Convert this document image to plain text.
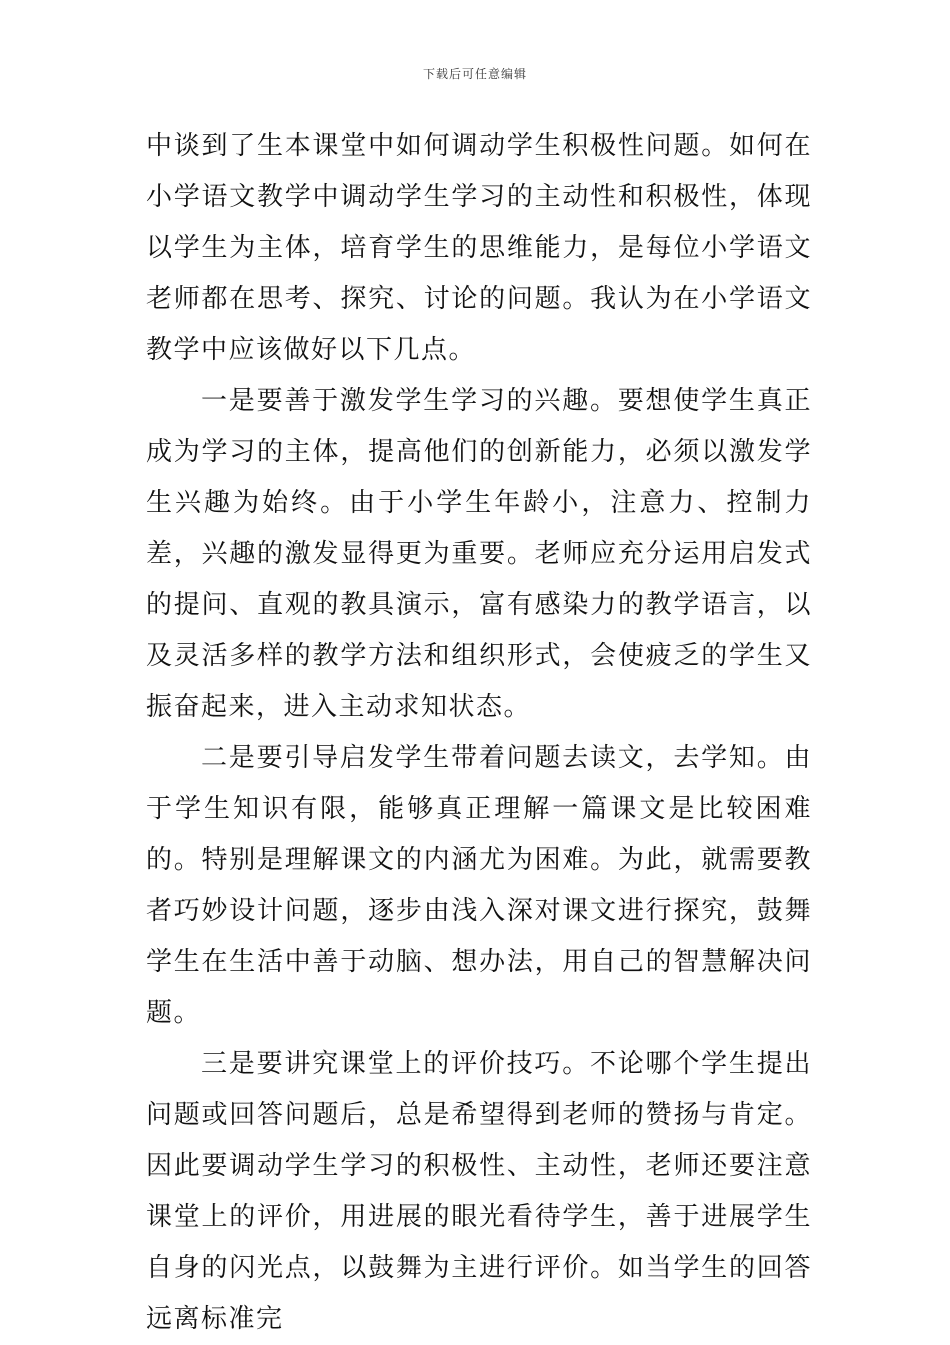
下载后可任意编辑

中谈到了生本课堂中如何调动学生积极性问题。如何在小学语文教学中调动学生学习的主动性和积极性，体现以学生为主体，培育学生的思维能力，是每位小学语文老师都在思考、探究、讨论的问题。我认为在小学语文教学中应该做好以下几点。

一是要善于激发学生学习的兴趣。要想使学生真正成为学习的主体，提高他们的创新能力，必须以激发学生兴趣为始终。由于小学生年龄小，注意力、控制力差，兴趣的激发显得更为重要。老师应充分运用启发式的提问、直观的教具演示，富有感染力的教学语言，以及灵活多样的教学方法和组织形式，会使疲乏的学生又振奋起来，进入主动求知状态。

二是要引导启发学生带着问题去读文，去学知。由于学生知识有限，能够真正理解一篇课文是比较困难的。特别是理解课文的内涵尤为困难。为此，就需要教者巧妙设计问题，逐步由浅入深对课文进行探究，鼓舞学生在生活中善于动脑、想办法，用自己的智慧解决问题。

三是要讲究课堂上的评价技巧。不论哪个学生提出问题或回答问题后，总是希望得到老师的赞扬与肯定。因此要调动学生学习的积极性、主动性，老师还要注意课堂上的评价，用进展的眼光看待学生，善于进展学生自身的闪光点，以鼓舞为主进行评价。如当学生的回答远离标准完
